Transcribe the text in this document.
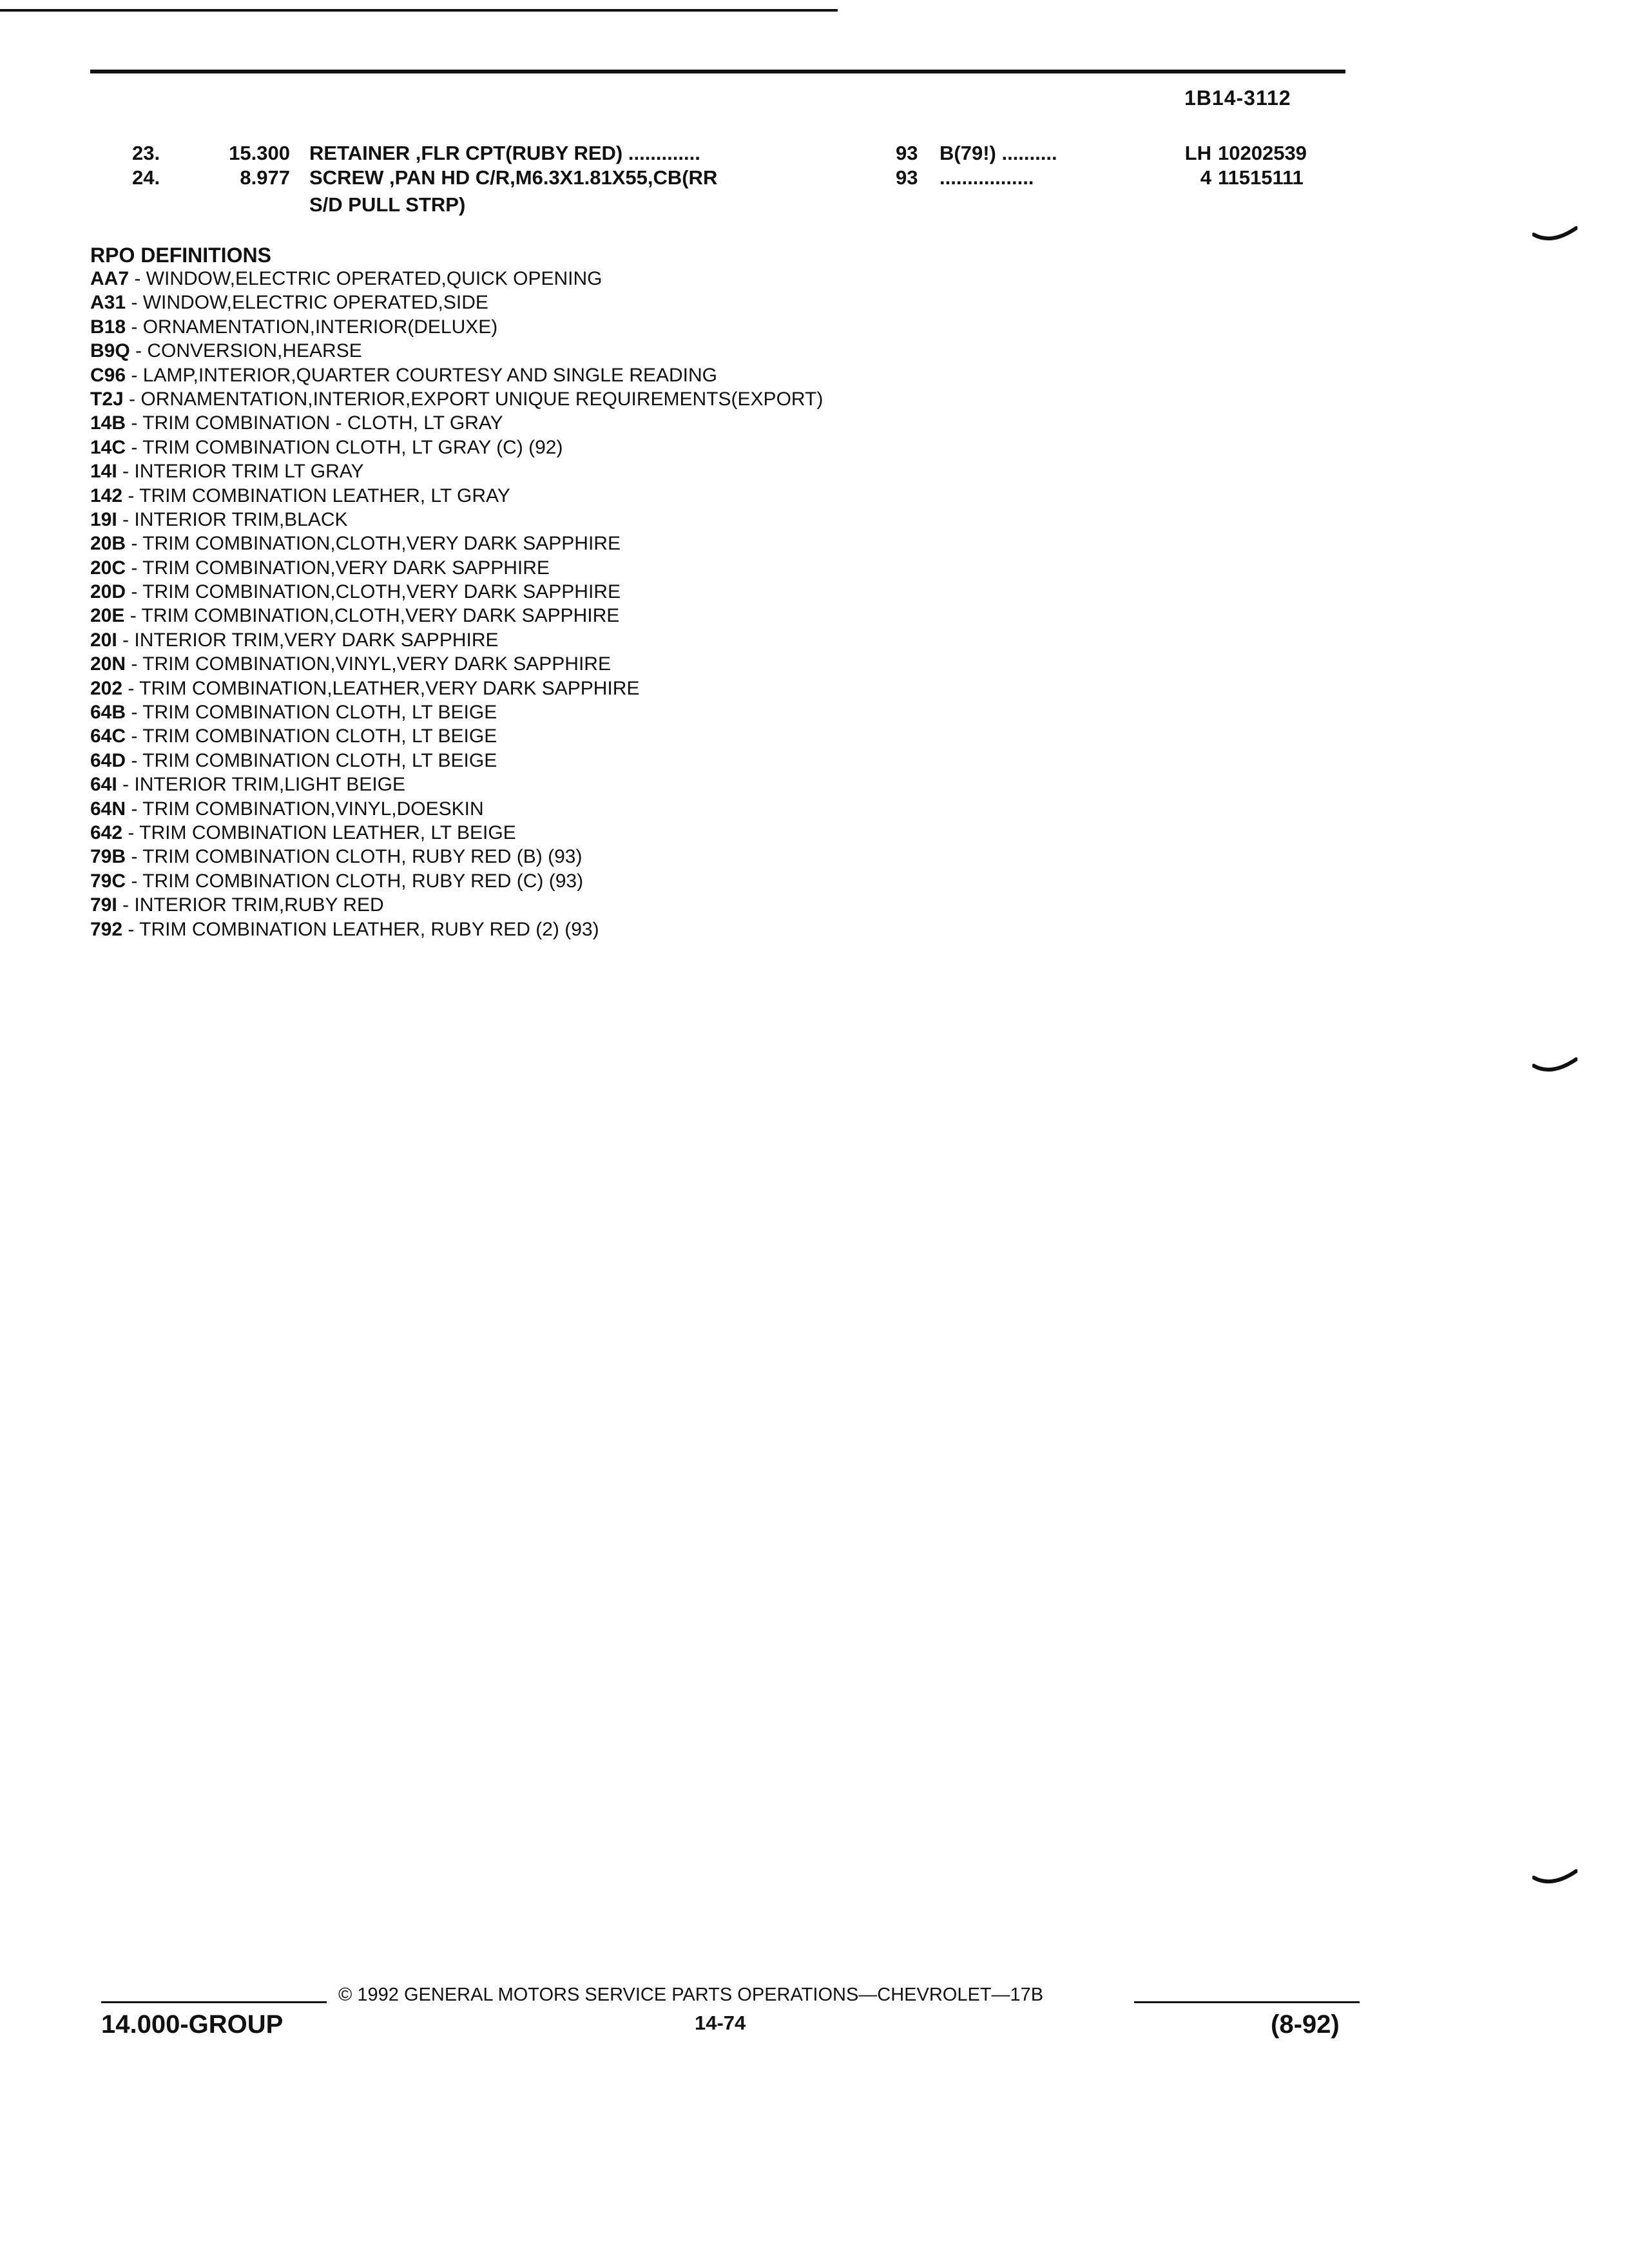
1B14-3112
23.	15.300 RETAINER ,FLR CPT(RUBY RED) .............	93 B(79!) ..........	LH 10202539
24.	8.977 SCREW ,PAN HD C/R,M6.3X1.81X55,CB(RR	93 .................	4 11515111
S/D PULL STRP)
RPO DEFINITIONS
AA7 - WINDOW,ELECTRIC OPERATED,QUICK OPENING
A31 - WINDOW,ELECTRIC OPERATED,SIDE
B18 - ORNAMENTATION,INTERIOR(DELUXE)
B9Q - CONVERSION,HEARSE
C96 - LAMP,INTERIOR,QUARTER COURTESY AND SINGLE READING
T2J - ORNAMENTATION,INTERIOR,EXPORT UNIQUE REQUIREMENTS(EXPORT)
14B - TRIM COMBINATION - CLOTH, LT GRAY
14C - TRIM COMBINATION CLOTH, LT GRAY (C) (92)
14I - INTERIOR TRIM LT GRAY
142 - TRIM COMBINATION LEATHER, LT GRAY
19I - INTERIOR TRIM,BLACK
20B - TRIM COMBINATION,CLOTH,VERY DARK SAPPHIRE
20C - TRIM COMBINATION,VERY DARK SAPPHIRE
20D - TRIM COMBINATION,CLOTH,VERY DARK SAPPHIRE
20E - TRIM COMBINATION,CLOTH,VERY DARK SAPPHIRE
20I - INTERIOR TRIM,VERY DARK SAPPHIRE
20N - TRIM COMBINATION,VINYL,VERY DARK SAPPHIRE
202 - TRIM COMBINATION,LEATHER,VERY DARK SAPPHIRE
64B - TRIM COMBINATION CLOTH, LT BEIGE
64C - TRIM COMBINATION CLOTH, LT BEIGE
64D - TRIM COMBINATION CLOTH, LT BEIGE
64I - INTERIOR TRIM,LIGHT BEIGE
64N - TRIM COMBINATION,VINYL,DOESKIN
642 - TRIM COMBINATION LEATHER, LT BEIGE
79B - TRIM COMBINATION CLOTH, RUBY RED (B) (93)
79C - TRIM COMBINATION CLOTH, RUBY RED (C) (93)
79I - INTERIOR TRIM,RUBY RED
792 - TRIM COMBINATION LEATHER, RUBY RED (2) (93)
© 1992 GENERAL MOTORS SERVICE PARTS OPERATIONS—CHEVROLET—17B
14.000-GROUP	14-74	(8-92)
